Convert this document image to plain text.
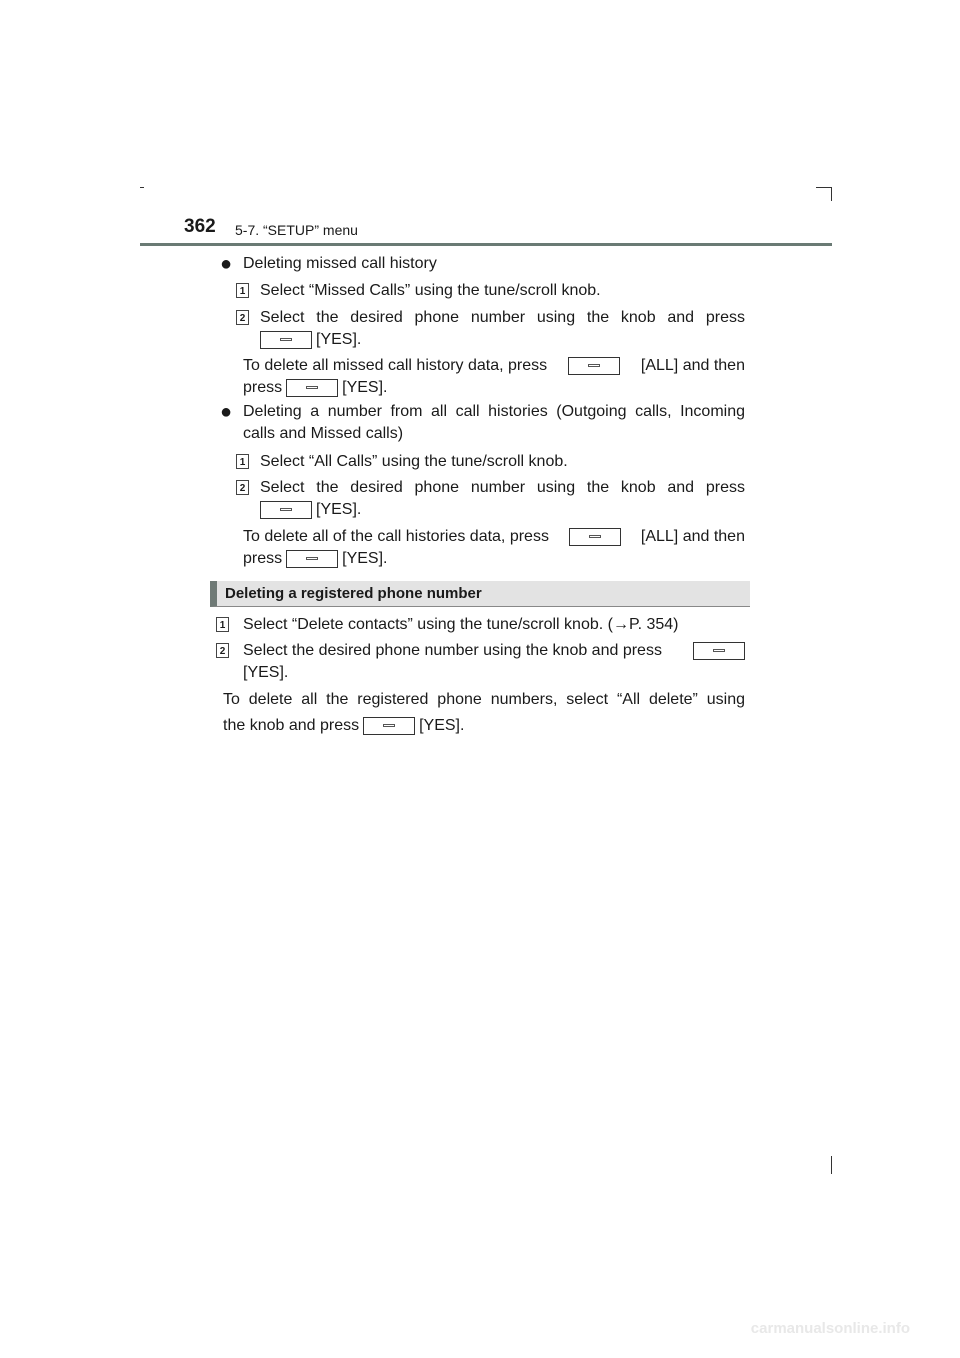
362 5-7. “SETUP” menu
● Deleting missed call history
1 Select “Missed Calls” using the tune/scroll knob.
2 Select the desired phone number using the knob and press
[YES].
To delete all missed call history data, press	[ALL] and then
press	[YES].
● Deleting a number from all call histories (Outgoing calls, Incoming
calls and Missed calls)
1 Select “All Calls” using the tune/scroll knob.
2 Select the desired phone number using the knob and press
[YES].
To delete all of the call histories data, press	[ALL] and then
press	[YES].
Deleting a registered phone number
1 Select “Delete contacts” using the tune/scroll knob. (→P. 354)
2 Select the desired phone number using the knob and press
[YES].
To delete all the registered phone numbers, select “All delete” using
the knob and press	[YES].
carmanualsonline.info
